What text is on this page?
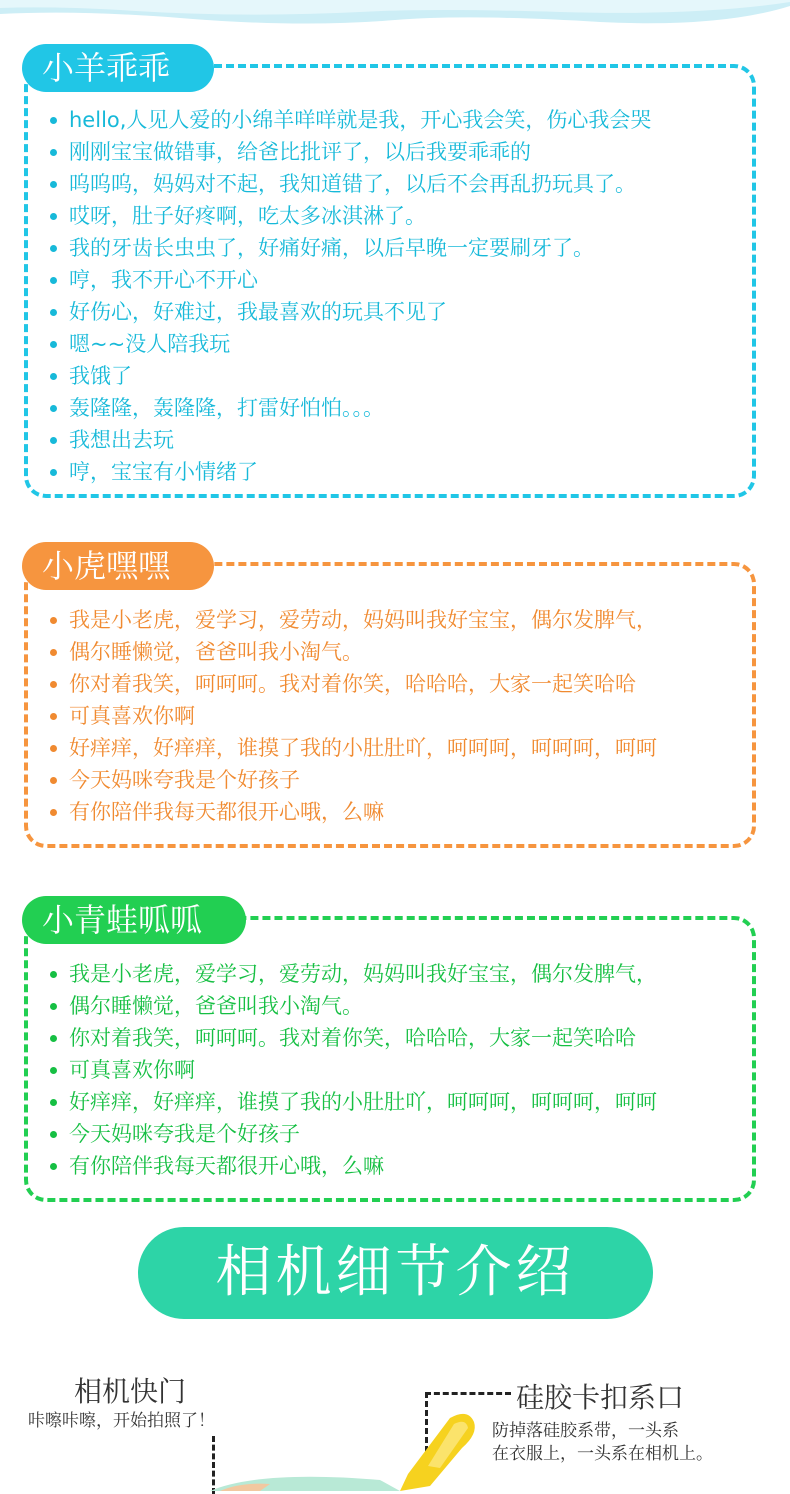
小羊乖乖
hello,人见人爱的小绵羊咩咩就是我，开心我会笑，伤心我会哭
刚刚宝宝做错事，给爸比批评了，以后我要乖乖的
呜呜呜，妈妈对不起，我知道错了，以后不会再乱扔玩具了。
哎呀，肚子好疼啊，吃太多冰淇淋了。
我的牙齿长虫虫了，好痛好痛，以后早晚一定要刷牙了。
哼，我不开心不开心
好伤心，好难过，我最喜欢的玩具不见了
嗯~~没人陪我玩
我饿了
轰隆隆，轰隆隆，打雷好怕怕。。。
我想出去玩
哼，宝宝有小情绪了
小虎嘿嘿
我是小老虎，爱学习，爱劳动，妈妈叫我好宝宝，偶尔发脾气，
偶尔睡懒觉，爸爸叫我小淘气。
你对着我笑，呵呵呵。我对着你笑，哈哈哈，大家一起笑哈哈
可真喜欢你啊
好痒痒，好痒痒，谁摸了我的小肚肚吖，呵呵呵，呵呵呵，呵呵
今天妈咪夸我是个好孩子
有你陪伴我每天都很开心哦，么嘛
小青蛙呱呱
我是小老虎，爱学习，爱劳动，妈妈叫我好宝宝，偶尔发脾气，
偶尔睡懒觉，爸爸叫我小淘气。
你对着我笑，呵呵呵。我对着你笑，哈哈哈，大家一起笑哈哈
可真喜欢你啊
好痒痒，好痒痒，谁摸了我的小肚肚吖，呵呵呵，呵呵呵，呵呵
今天妈咪夸我是个好孩子
有你陪伴我每天都很开心哦，么嘛
相机细节介绍
相机快门
咔嚓咔嚓，开始拍照了！
硅胶卡扣系口
防掉落硅胶系带，一头系
在衣服上，一头系在相机上。
